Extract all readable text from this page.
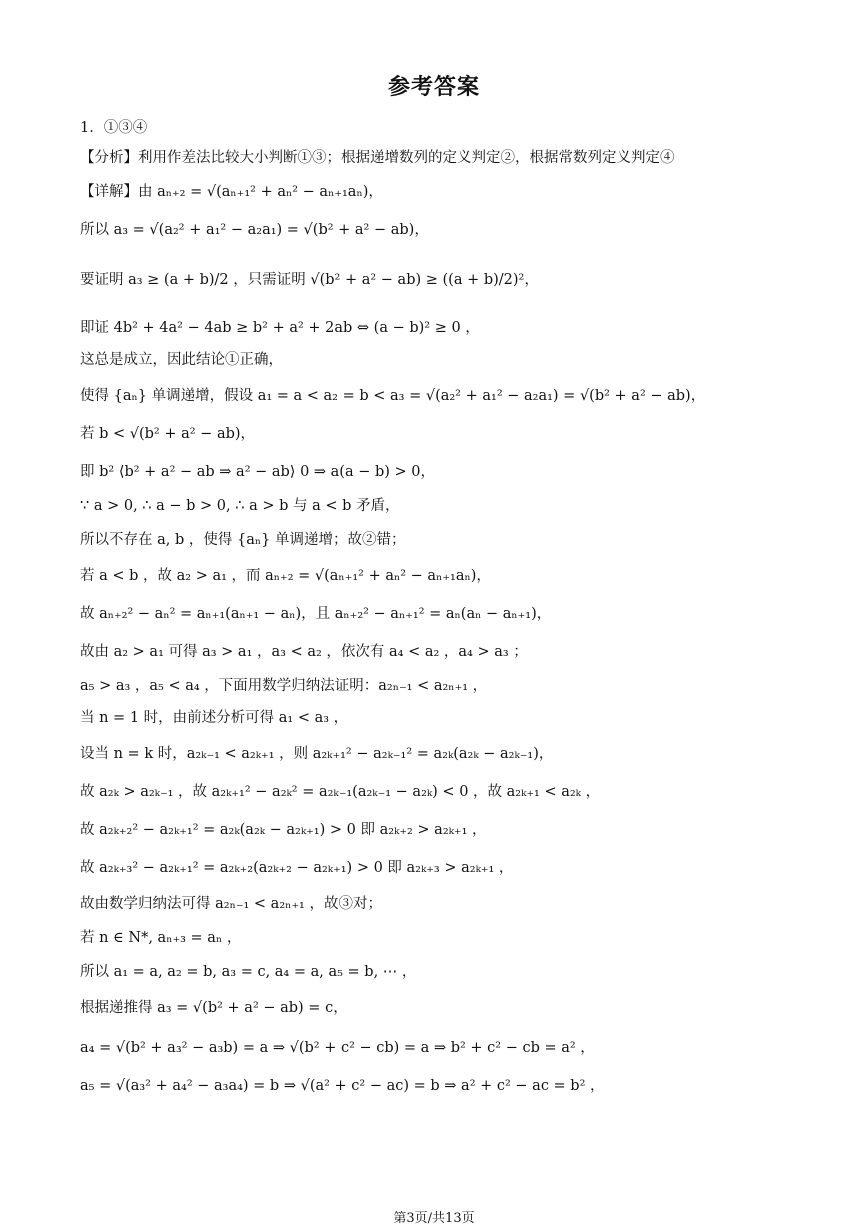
参考答案
1．①③④
【分析】利用作差法比较大小判断①③；根据递增数列的定义判定②，根据常数列定义判定④
【详解】由 aₙ₊₂ = √(aₙ₊₁² + aₙ² − aₙ₊₁aₙ)，
所以 a₃ = √(a₂² + a₁² − a₂a₁) = √(b² + a² − ab)，
要证明 a₃ ≥ (a + b)/2 ，只需证明 √(b² + a² − ab) ≥ ((a + b)/2)²，
即证 4b² + 4a² − 4ab ≥ b² + a² + 2ab ⇔ (a − b)² ≥ 0 ，
这总是成立，因此结论①正确，
使得 {aₙ} 单调递增，假设 a₁ = a < a₂ = b < a₃ = √(a₂² + a₁² − a₂a₁) = √(b² + a² − ab)，
若 b < √(b² + a² − ab)，
即 b² ⟨b² + a² − ab ⇒ a² − ab⟩ 0 ⇒ a(a − b) > 0，
∵ a > 0, ∴ a − b > 0, ∴ a > b 与 a < b 矛盾，
所以不存在 a, b ，使得 {aₙ} 单调递增；故②错；
若 a < b ，故 a₂ > a₁ ，而 aₙ₊₂ = √(aₙ₊₁² + aₙ² − aₙ₊₁aₙ)，
故 aₙ₊₂² − aₙ² = aₙ₊₁(aₙ₊₁ − aₙ)，且 aₙ₊₂² − aₙ₊₁² = aₙ(aₙ − aₙ₊₁)，
故由 a₂ > a₁ 可得 a₃ > a₁ ，a₃ < a₂ ，依次有 a₄ < a₂ ，a₄ > a₃ ；
a₅ > a₃ ，a₅ < a₄ ，下面用数学归纳法证明：a₂ₙ₋₁ < a₂ₙ₊₁ ，
当 n = 1 时，由前述分析可得 a₁ < a₃ ，
设当 n = k 时，a₂ₖ₋₁ < a₂ₖ₊₁ ，则 a₂ₖ₊₁² − a₂ₖ₋₁² = a₂ₖ(a₂ₖ − a₂ₖ₋₁)，
故 a₂ₖ > a₂ₖ₋₁ ，故 a₂ₖ₊₁² − a₂ₖ² = a₂ₖ₋₁(a₂ₖ₋₁ − a₂ₖ) < 0 ，故 a₂ₖ₊₁ < a₂ₖ ，
故 a₂ₖ₊₂² − a₂ₖ₊₁² = a₂ₖ(a₂ₖ − a₂ₖ₊₁) > 0 即 a₂ₖ₊₂ > a₂ₖ₊₁ ，
故 a₂ₖ₊₃² − a₂ₖ₊₁² = a₂ₖ₊₂(a₂ₖ₊₂ − a₂ₖ₊₁) > 0 即 a₂ₖ₊₃ > a₂ₖ₊₁ ，
故由数学归纳法可得 a₂ₙ₋₁ < a₂ₙ₊₁ ，故③对；
若 n ∈ N*, aₙ₊₃ = aₙ ，
所以 a₁ = a, a₂ = b, a₃ = c, a₄ = a, a₅ = b, ⋯ ，
根据递推得 a₃ = √(b² + a² − ab) = c，
a₄ = √(b² + a₃² − a₃b) = a ⇒ √(b² + c² − cb) = a ⇒ b² + c² − cb = a² ，
a₅ = √(a₃² + a₄² − a₃a₄) = b ⇒ √(a² + c² − ac) = b ⇒ a² + c² − ac = b² ，
第3页/共13页
